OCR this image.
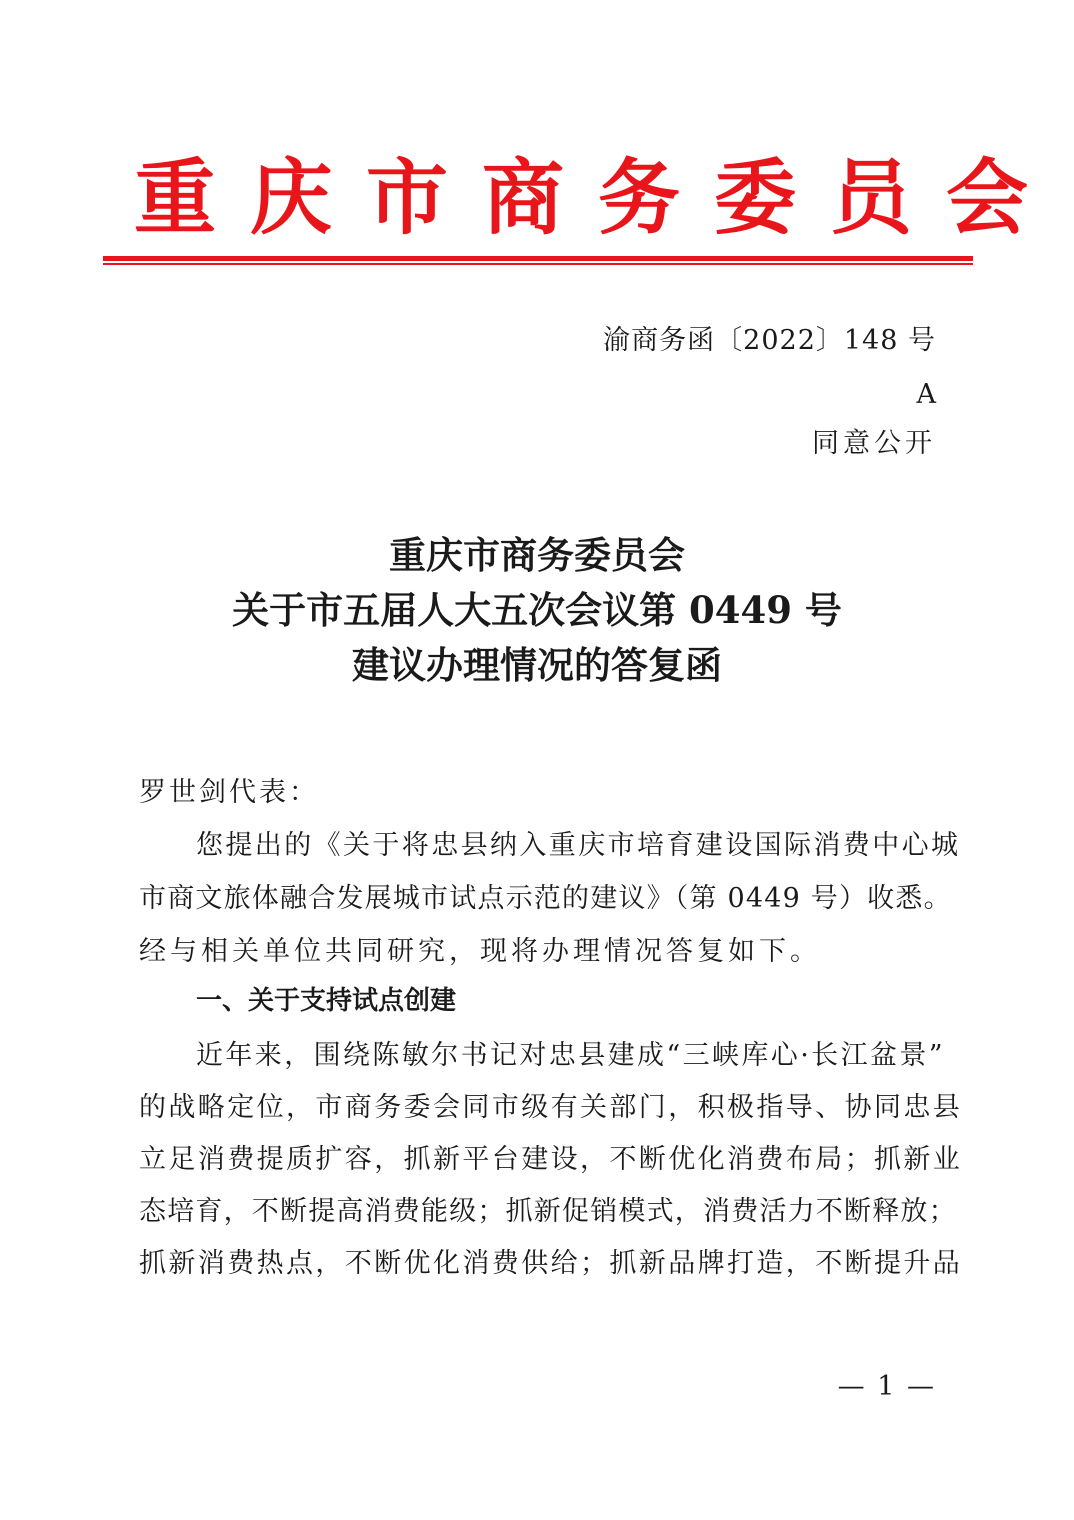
重庆市商务委员会
渝商务函〔2022〕148 号
A
同意公开
重庆市商务委员会
关于市五届人大五次会议第 0449 号
建议办理情况的答复函
罗世剑代表：
您提出的《关于将忠县纳入重庆市培育建设国际消费中心城
市商文旅体融合发展城市试点示范的建议》（第 0449 号）收悉。
经与相关单位共同研究，现将办理情况答复如下。
一、关于支持试点创建
近年来，围绕陈敏尔书记对忠县建成“三峡库心·长江盆景”
的战略定位，市商务委会同市级有关部门，积极指导、协同忠县
立足消费提质扩容，抓新平台建设，不断优化消费布局；抓新业
态培育，不断提高消费能级；抓新促销模式，消费活力不断释放；
抓新消费热点，不断优化消费供给；抓新品牌打造，不断提升品
— 1 —
